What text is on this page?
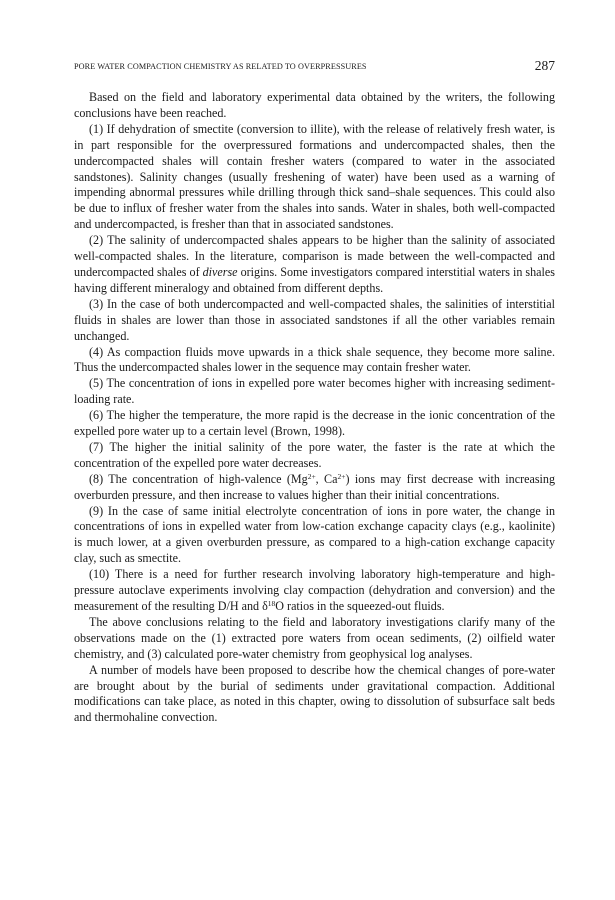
PORE WATER COMPACTION CHEMISTRY AS RELATED TO OVERPRESSURES	287

Based on the field and laboratory experimental data obtained by the writers, the following conclusions have been reached.

(1) If dehydration of smectite (conversion to illite), with the release of relatively fresh water, is in part responsible for the overpressured formations and undercompacted shales, then the undercompacted shales will contain fresher waters (compared to water in the associated sandstones). Salinity changes (usually freshening of water) have been used as a warning of impending abnormal pressures while drilling through thick sand–shale sequences. This could also be due to influx of fresher water from the shales into sands. Water in shales, both well-compacted and undercompacted, is fresher than that in associated sandstones.

(2) The salinity of undercompacted shales appears to be higher than the salinity of associated well-compacted shales. In the literature, comparison is made between the well-compacted and undercompacted shales of diverse origins. Some investigators compared interstitial waters in shales having different mineralogy and obtained from different depths.

(3) In the case of both undercompacted and well-compacted shales, the salinities of interstitial fluids in shales are lower than those in associated sandstones if all the other variables remain unchanged.

(4) As compaction fluids move upwards in a thick shale sequence, they become more saline. Thus the undercompacted shales lower in the sequence may contain fresher water.

(5) The concentration of ions in expelled pore water becomes higher with increasing sediment-loading rate.

(6) The higher the temperature, the more rapid is the decrease in the ionic concentration of the expelled pore water up to a certain level (Brown, 1998).

(7) The higher the initial salinity of the pore water, the faster is the rate at which the concentration of the expelled pore water decreases.

(8) The concentration of high-valence ($Mg^{2+}$, $Ca^{2+}$) ions may first decrease with increasing overburden pressure, and then increase to values higher than their initial concentrations.

(9) In the case of same initial electrolyte concentration of ions in pore water, the change in concentrations of ions in expelled water from low-cation exchange capacity clays (e.g., kaolinite) is much lower, at a given overburden pressure, as compared to a high-cation exchange capacity clay, such as smectite.

(10) There is a need for further research involving laboratory high-temperature and high-pressure autoclave experiments involving clay compaction (dehydration and conversion) and the measurement of the resulting D/H and $\delta^{18}O$ ratios in the squeezed-out fluids.

The above conclusions relating to the field and laboratory investigations clarify many of the observations made on the (1) extracted pore waters from ocean sediments, (2) oilfield water chemistry, and (3) calculated pore-water chemistry from geophysical log analyses.

A number of models have been proposed to describe how the chemical changes of pore-water are brought about by the burial of sediments under gravitational compaction. Additional modifications can take place, as noted in this chapter, owing to dissolution of subsurface salt beds and thermohaline convection.
